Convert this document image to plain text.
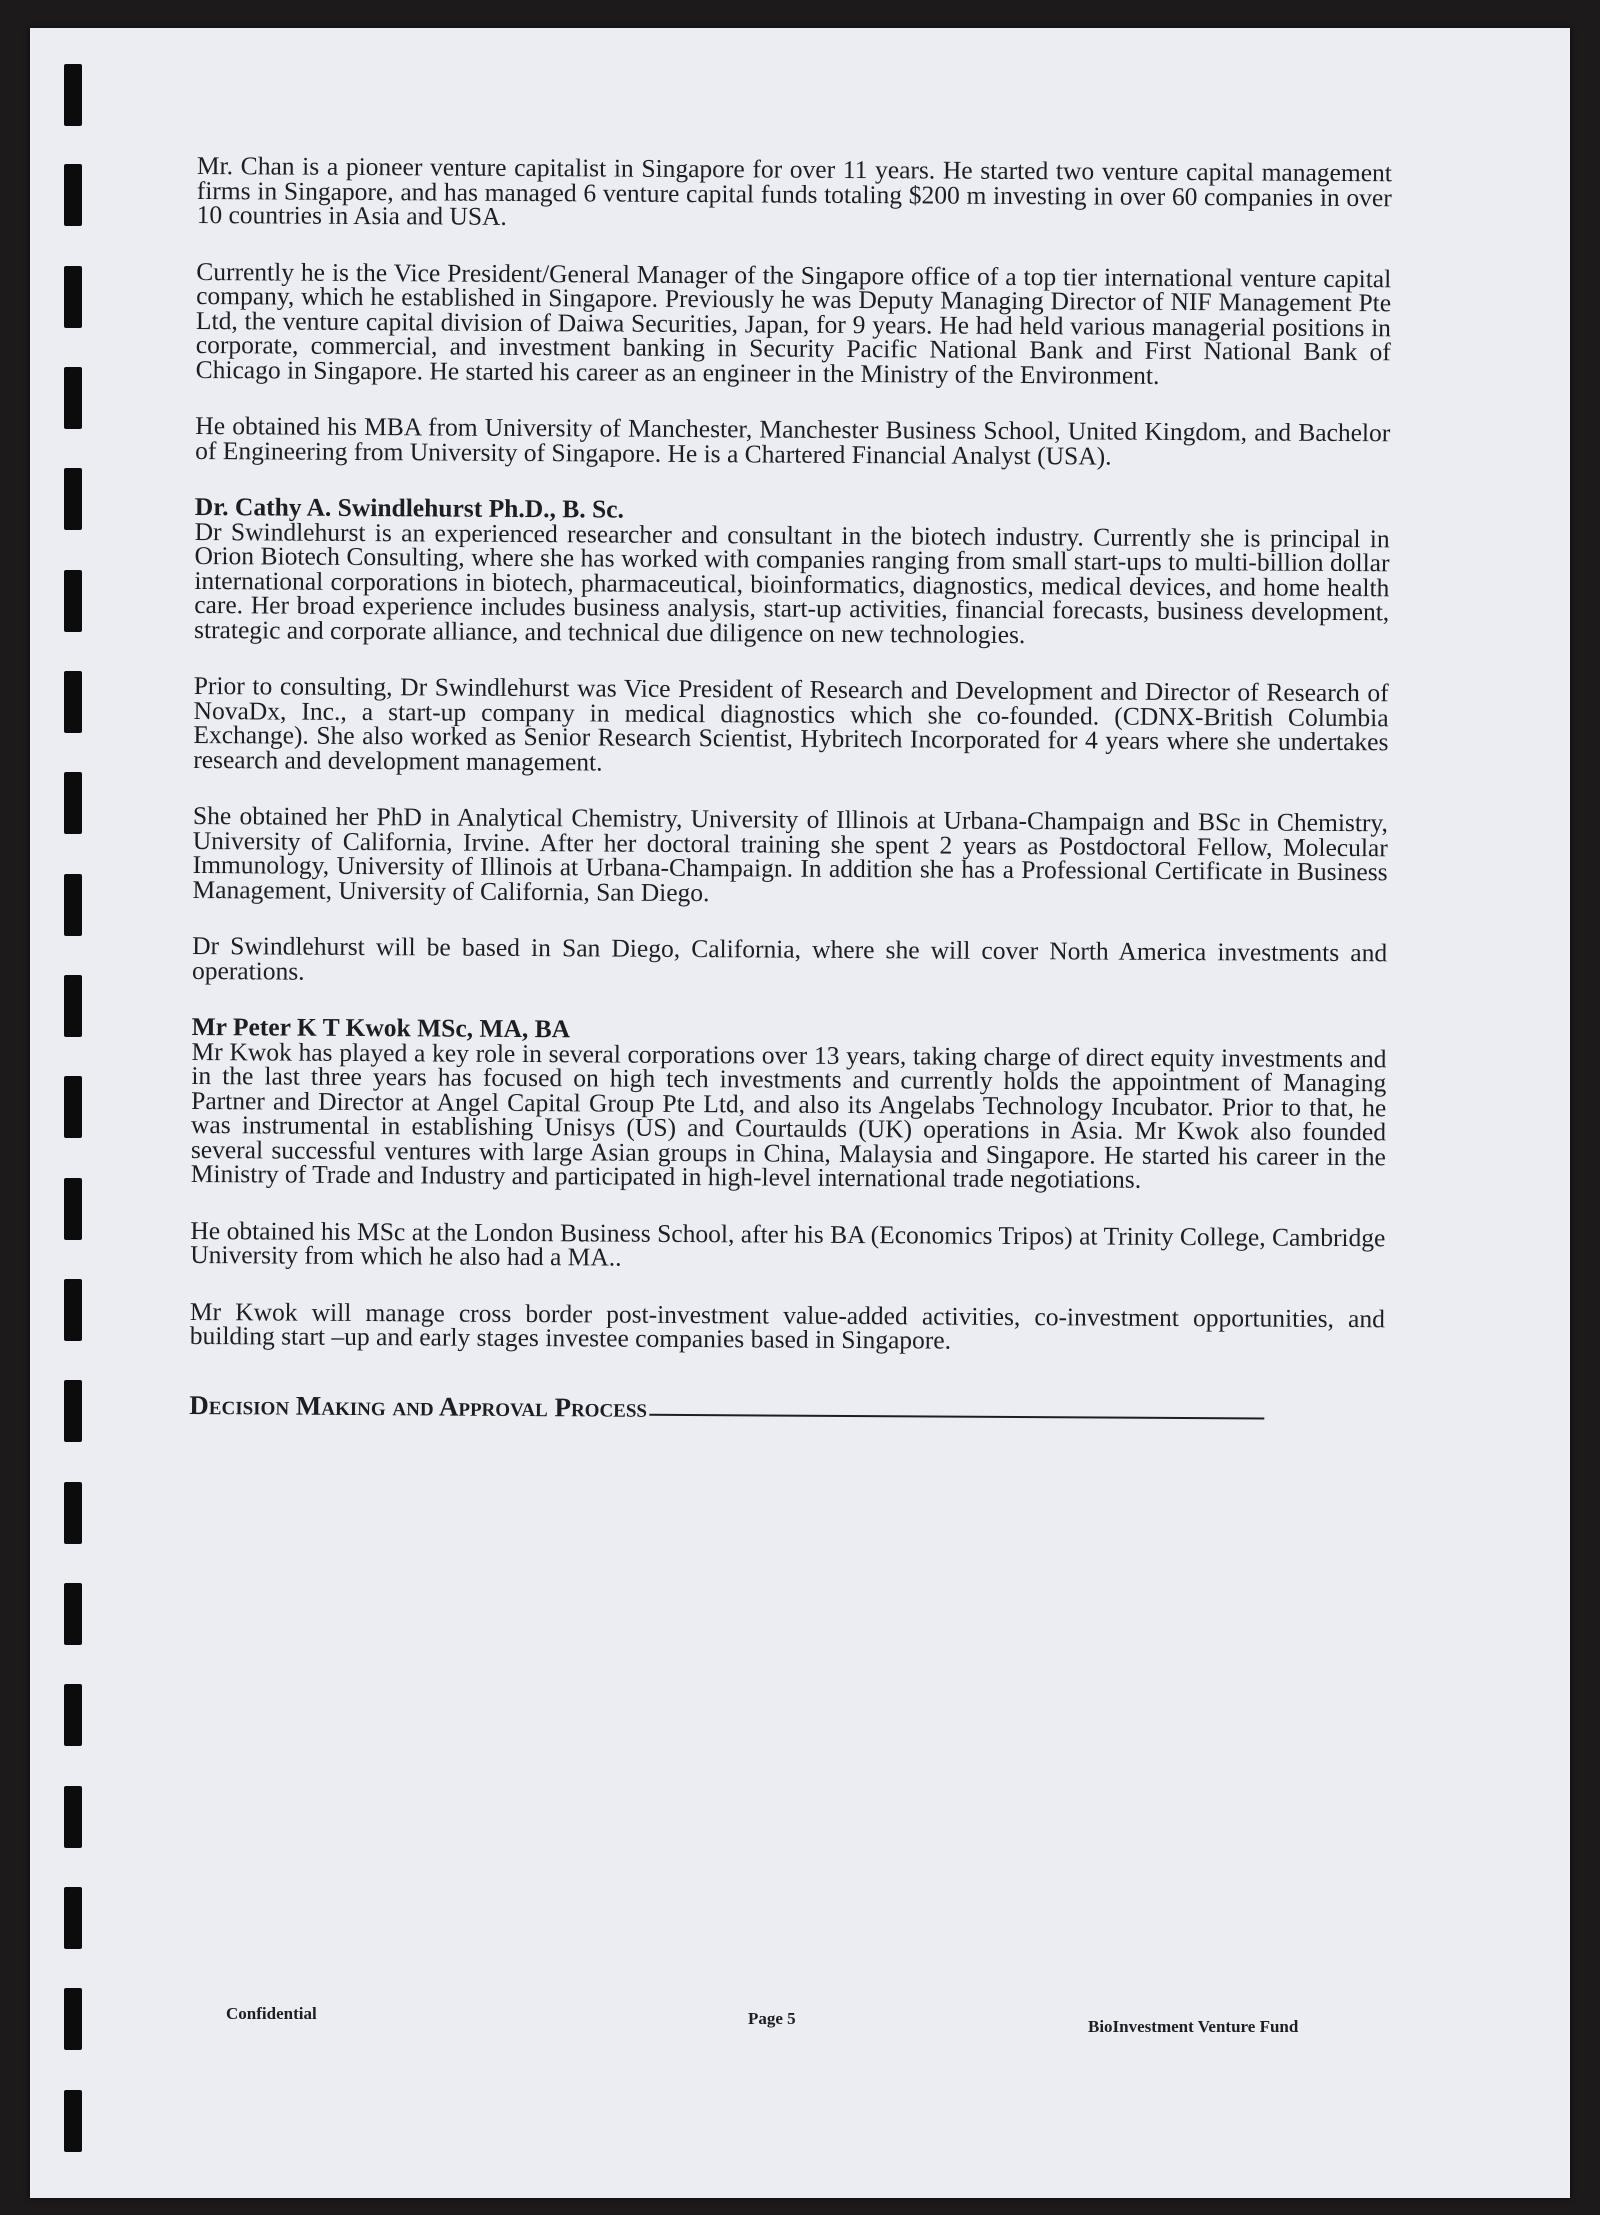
Mr. Chan is a pioneer venture capitalist in Singapore for over 11 years. He started two venture capital management firms in Singapore, and has managed 6 venture capital funds totaling $200 m investing in over 60 companies in over 10 countries in Asia and USA.

Currently he is the Vice President/General Manager of the Singapore office of a top tier international venture capital company, which he established in Singapore. Previously he was Deputy Managing Director of NIF Management Pte Ltd, the venture capital division of Daiwa Securities, Japan, for 9 years. He had held various managerial positions in corporate, commercial, and investment banking in Security Pacific National Bank and First National Bank of Chicago in Singapore. He started his career as an engineer in the Ministry of the Environment.

He obtained his MBA from University of Manchester, Manchester Business School, United Kingdom, and Bachelor of Engineering from University of Singapore. He is a Chartered Financial Analyst (USA).

Dr. Cathy A. Swindlehurst Ph.D., B. Sc.

Dr Swindlehurst is an experienced researcher and consultant in the biotech industry. Currently she is principal in Orion Biotech Consulting, where she has worked with companies ranging from small start-ups to multi-billion dollar international corporations in biotech, pharmaceutical, bioinformatics, diagnostics, medical devices, and home health care. Her broad experience includes business analysis, start-up activities, financial forecasts, business development, strategic and corporate alliance, and technical due diligence on new technologies.

Prior to consulting, Dr Swindlehurst was Vice President of Research and Development and Director of Research of NovaDx, Inc., a start-up company in medical diagnostics which she co-founded. (CDNX-British Columbia Exchange). She also worked as Senior Research Scientist, Hybritech Incorporated for 4 years where she undertakes research and development management.

She obtained her PhD in Analytical Chemistry, University of Illinois at Urbana-Champaign and BSc in Chemistry, University of California, Irvine. After her doctoral training she spent 2 years as Postdoctoral Fellow, Molecular Immunology, University of Illinois at Urbana-Champaign. In addition she has a Professional Certificate in Business Management, University of California, San Diego.

Dr Swindlehurst will be based in San Diego, California, where she will cover North America investments and operations.

Mr Peter K T Kwok MSc, MA, BA

Mr Kwok has played a key role in several corporations over 13 years, taking charge of direct equity investments and in the last three years has focused on high tech investments and currently holds the appointment of Managing Partner and Director at Angel Capital Group Pte Ltd, and also its Angelabs Technology Incubator. Prior to that, he was instrumental in establishing Unisys (US) and Courtaulds (UK) operations in Asia. Mr Kwok also founded several successful ventures with large Asian groups in China, Malaysia and Singapore. He started his career in the Ministry of Trade and Industry and participated in high-level international trade negotiations.

He obtained his MSc at the London Business School, after his BA (Economics Tripos) at Trinity College, Cambridge University from which he also had a MA..

Mr Kwok will manage cross border post-investment value-added activities, co-investment opportunities, and building start –up and early stages investee companies based in Singapore.

Decision Making and Approval Process
Confidential	Page 5	BioInvestment Venture Fund
